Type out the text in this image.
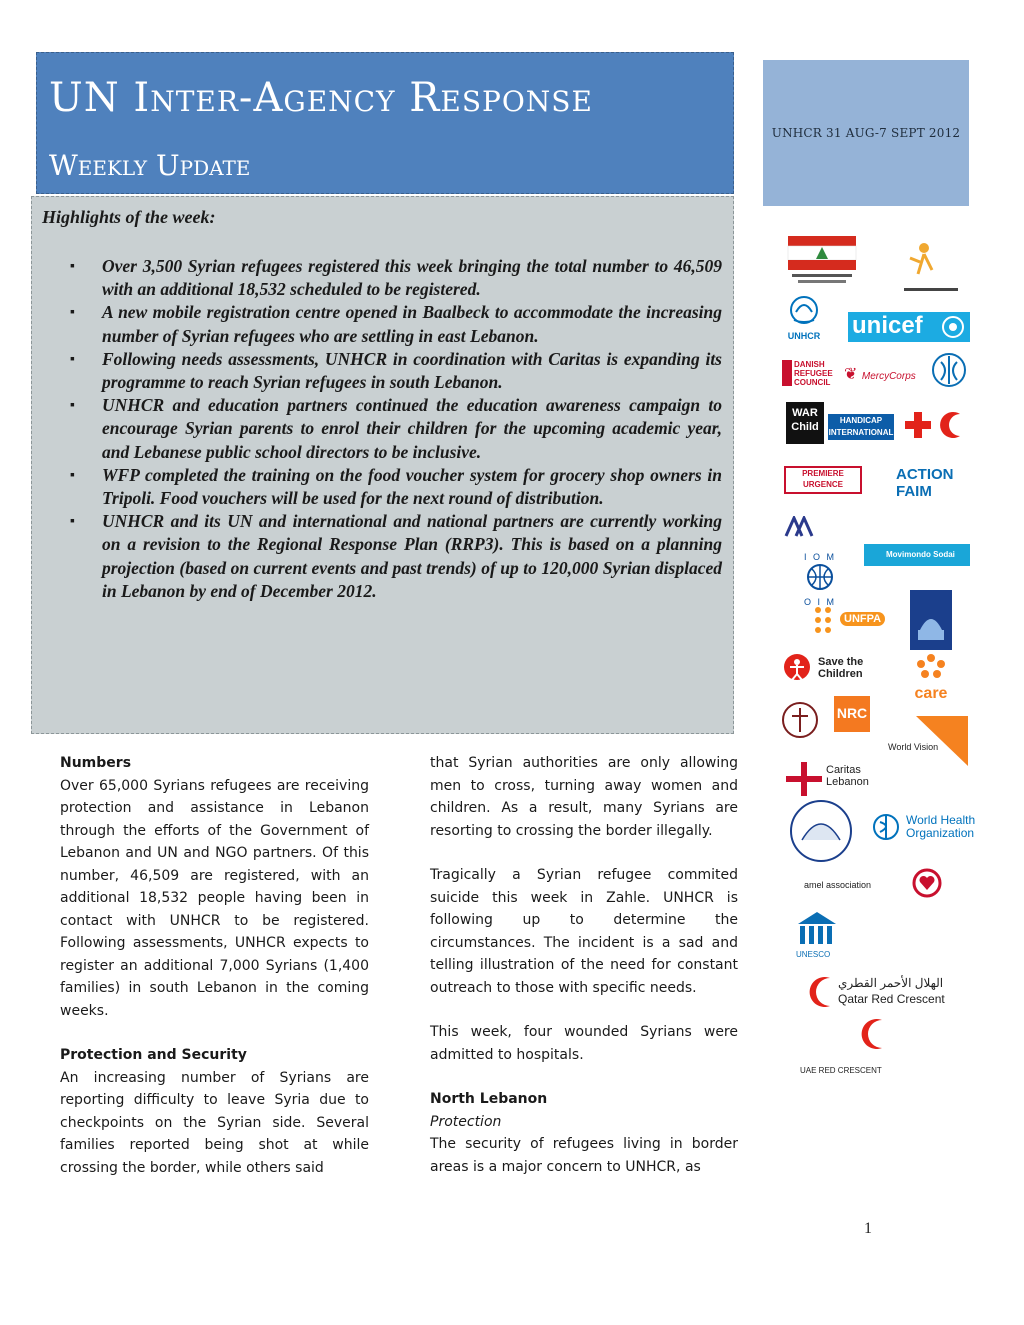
UN Inter-Agency Response
Weekly Update
UNHCR 31 AUG-7 SEPT 2012
Highlights of the week:
▪ Over 3,500 Syrian refugees registered this week bringing the total number to 46,509 with an additional 18,532 scheduled to be registered.
▪ A new mobile registration centre opened in Baalbeck to accommodate the increasing number of Syrian refugees who are settling in east Lebanon.
▪ Following needs assessments, UNHCR in coordination with Caritas is expanding its programme to reach Syrian refugees in south Lebanon.
▪ UNHCR and education partners continued the education awareness campaign to encourage Syrian parents to enrol their children for the upcoming academic year, and Lebanese public school directors to be inclusive.
▪ WFP completed the training on the food voucher system for grocery shop owners in Tripoli. Food vouchers will be used for the next round of distribution.
▪ UNHCR and its UN and international and national partners are currently working on a revision to the Regional Response Plan (RRP3). This is based on a planning projection (based on current events and past trends) of up to 120,000 Syrian displaced in Lebanon by end of December 2012.

Numbers

Over 65,000 Syrians refugees are receiving protection and assistance in Lebanon through the efforts of the Government of Lebanon and UN and NGO partners. Of this number, 46,509 are registered, with an additional 18,532 people having been in contact with UNHCR to be registered. Following assessments, UNHCR expects to register an additional 7,000 Syrians (1,400 families) in south Lebanon in the coming weeks.

Protection and Security

An increasing number of Syrians are reporting difficulty to leave Syria due to checkpoints on the Syrian side. Several families reported being shot at while crossing the border, while others said

that Syrian authorities are only allowing men to cross, turning away women and children. As a result, many Syrians are resorting to crossing the border illegally.

Tragically a Syrian refugee commited suicide this week in Zahle. UNHCR is following up to determine the circumstances. The incident is a sad and telling illustration of the need for constant outreach to those with specific needs.

This week, four wounded Syrians were admitted to hospitals.

North Lebanon

Protection

The security of refugees living in border areas is a major concern to UNHCR, as

UNHCR unicef
DANISH REFUGEE COUNCIL ❦ MercyCorps
WAR Child
HANDICAP INTERNATIONAL
PREMIERE URGENCE
ACTION FAIM
Movimondo Sodai
I O M
O I M
UNFPA
Save the Children
care
NRC
World Vision
Caritas Lebanon
World Health Organization
amel association
UNESCO
الهلال الأحمر القطري
Qatar Red Crescent
UAE RED CRESCENT
1
